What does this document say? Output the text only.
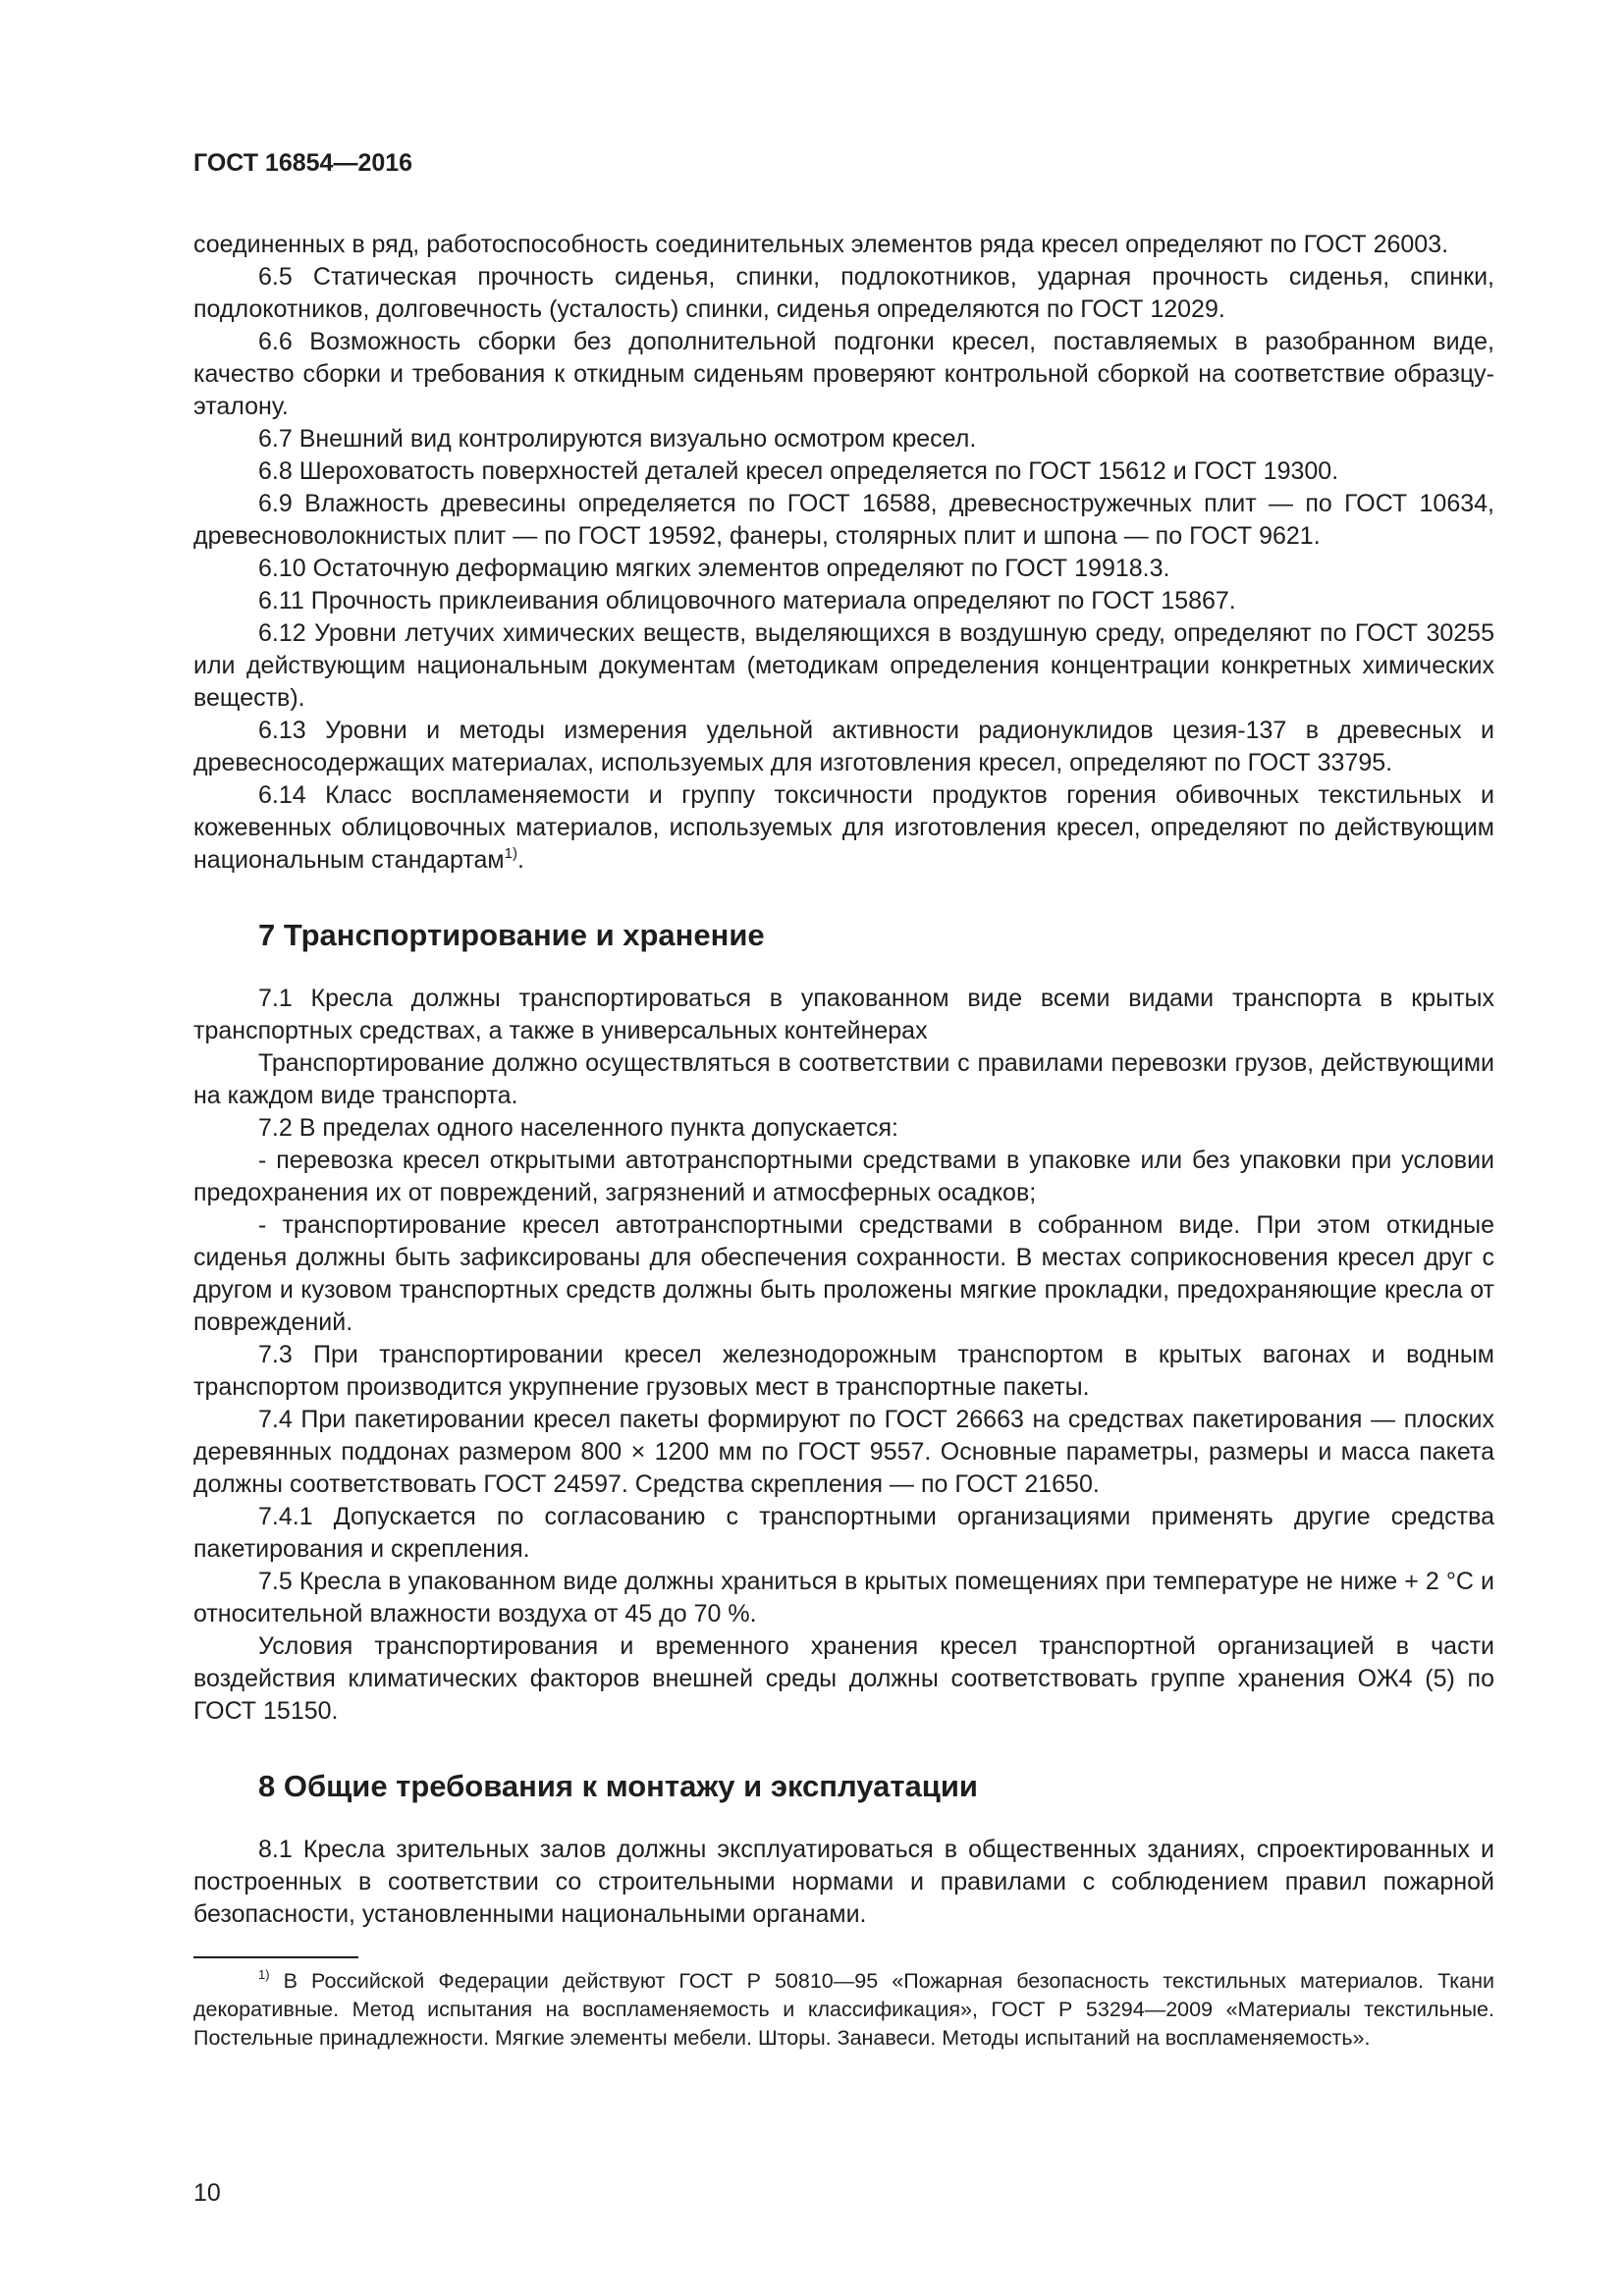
ГОСТ 16854—2016

соединенных в ряд, работоспособность соединительных элементов ряда кресел определяют по ГОСТ 26003.

6.5 Статическая прочность сиденья, спинки, подлокотников, ударная прочность сиденья, спинки, подлокотников, долговечность (усталость) спинки, сиденья определяются по ГОСТ 12029.

6.6 Возможность сборки без дополнительной подгонки кресел, поставляемых в разобранном виде, качество сборки и требования к откидным сиденьям проверяют контрольной сборкой на соответствие образцу-эталону.

6.7 Внешний вид контролируются визуально осмотром кресел.

6.8 Шероховатость поверхностей деталей кресел определяется по ГОСТ 15612 и ГОСТ 19300.

6.9 Влажность древесины определяется по ГОСТ 16588, древесностружечных плит — по ГОСТ 10634, древесноволокнистых плит — по ГОСТ 19592, фанеры, столярных плит и шпона — по ГОСТ 9621.

6.10 Остаточную деформацию мягких элементов определяют по ГОСТ 19918.3.

6.11 Прочность приклеивания облицовочного материала определяют по ГОСТ 15867.

6.12 Уровни летучих химических веществ, выделяющихся в воздушную среду, определяют по ГОСТ 30255 или действующим национальным документам (методикам определения концентрации конкретных химических веществ).

6.13 Уровни и методы измерения удельной активности радионуклидов цезия-137 в древесных и древесносодержащих материалах, используемых для изготовления кресел, определяют по ГОСТ 33795.

6.14 Класс воспламеняемости и группу токсичности продуктов горения обивочных текстильных и кожевенных облицовочных материалов, используемых для изготовления кресел, определяют по действующим национальным стандартам$^{1)}$.

7 Транспортирование и хранение

7.1 Кресла должны транспортироваться в упакованном виде всеми видами транспорта в крытых транспортных средствах, а также в универсальных контейнерах

Транспортирование должно осуществляться в соответствии с правилами перевозки грузов, действующими на каждом виде транспорта.

7.2 В пределах одного населенного пункта допускается:

- перевозка кресел открытыми автотранспортными средствами в упаковке или без упаковки при условии предохранения их от повреждений, загрязнений и атмосферных осадков;

- транспортирование кресел автотранспортными средствами в собранном виде. При этом откидные сиденья должны быть зафиксированы для обеспечения сохранности. В местах соприкосновения кресел друг с другом и кузовом транспортных средств должны быть проложены мягкие прокладки, предохраняющие кресла от повреждений.

7.3 При транспортировании кресел железнодорожным транспортом в крытых вагонах и водным транспортом производится укрупнение грузовых мест в транспортные пакеты.

7.4 При пакетировании кресел пакеты формируют по ГОСТ 26663 на средствах пакетирования — плоских деревянных поддонах размером 800 × 1200 мм по ГОСТ 9557. Основные параметры, размеры и масса пакета должны соответствовать ГОСТ 24597. Средства скрепления — по ГОСТ 21650.

7.4.1 Допускается по согласованию с транспортными организациями применять другие средства пакетирования и скрепления.

7.5 Кресла в упакованном виде должны храниться в крытых помещениях при температуре не ниже + 2 °С и относительной влажности воздуха от 45 до 70 %.

Условия транспортирования и временного хранения кресел транспортной организацией в части воздействия климатических факторов внешней среды должны соответствовать группе хранения ОЖ4 (5) по ГОСТ 15150.

8 Общие требования к монтажу и эксплуатации

8.1 Кресла зрительных залов должны эксплуатироваться в общественных зданиях, спроектированных и построенных в соответствии со строительными нормами и правилами с соблюдением правил пожарной безопасности, установленными национальными органами.

$^{1)}$ В Российской Федерации действуют ГОСТ Р 50810—95 «Пожарная безопасность текстильных материалов. Ткани декоративные. Метод испытания на воспламеняемость и классификация», ГОСТ Р 53294—2009 «Материалы текстильные. Постельные принадлежности. Мягкие элементы мебели. Шторы. Занавеси. Методы испытаний на воспламеняемость».

10
